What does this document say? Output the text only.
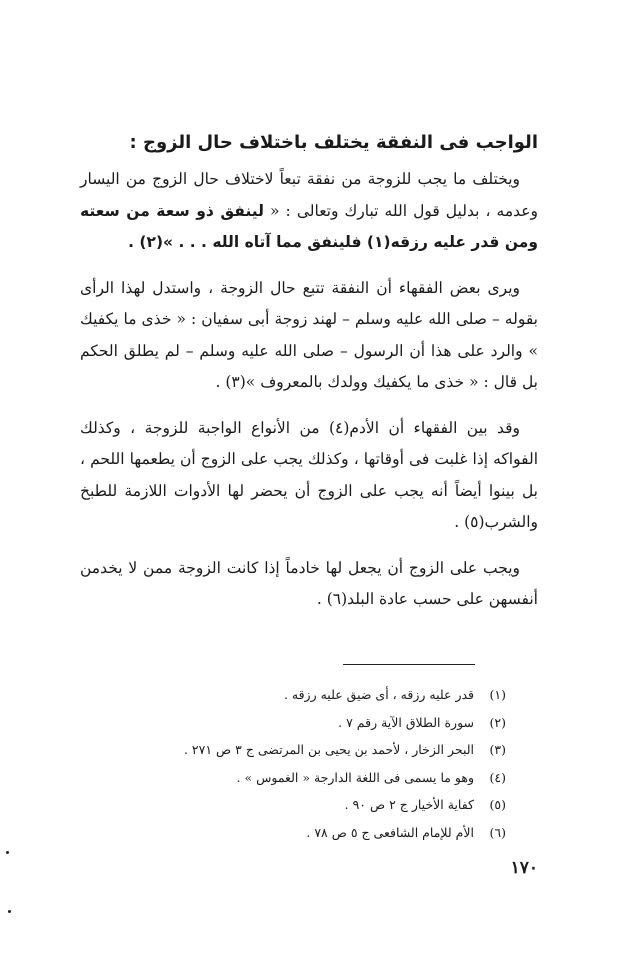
الواجب فى النفقة يختلف باختلاف حال الزوج :

ويختلف ما يجب للزوجة من نفقة تبعاً لاختلاف حال الزوج من اليسار وعدمه ، بدليل قول الله تبارك وتعالى : « لينفق ذو سعة من سعته ومن قدر عليه رزقه(١) فلينفق مما آتاه الله . . . »(٢) .

ويرى بعض الفقهاء أن النفقة تتبع حال الزوجة ، واستدل لهذا الرأى بقوله – صلى الله عليه وسلم – لهند زوجة أبى سفيان : « خذى ما يكفيك » والرد على هذا أن الرسول – صلى الله عليه وسلم – لم يطلق الحكم بل قال : « خذى ما يكفيك وولدك بالمعروف »(٣) .

وقد بين الفقهاء أن الأدم(٤) من الأنواع الواجبة للزوجة ، وكذلك الفواكه إذا غلبت فى أوقاتها ، وكذلك يجب على الزوج أن يطعمها اللحم ، بل بينوا أيضاً أنه يجب على الزوج أن يحضر لها الأدوات اللازمة للطبخ والشرب(٥) .

ويجب على الزوج أن يجعل لها خادماً إذا كانت الزوجة ممن لا يخدمن أنفسهن على حسب عادة البلد(٦) .

(١) قدر عليه رزقه ، أى ضيق عليه رزقه .
(٢) سورة الطلاق الآية رقم ٧ .
(٣) البحر الزخار ، لأحمد بن يحيى بن المرتضى ج ٣ ص ٢٧١ .
(٤) وهو ما يسمى فى اللغة الدارجة « الغموس » .
(٥) كفاية الأخيار ج ٢ ص ٩٠ .
(٦) الأم للإمام الشافعى ج ٥ ص ٧٨ .
١٧٠
